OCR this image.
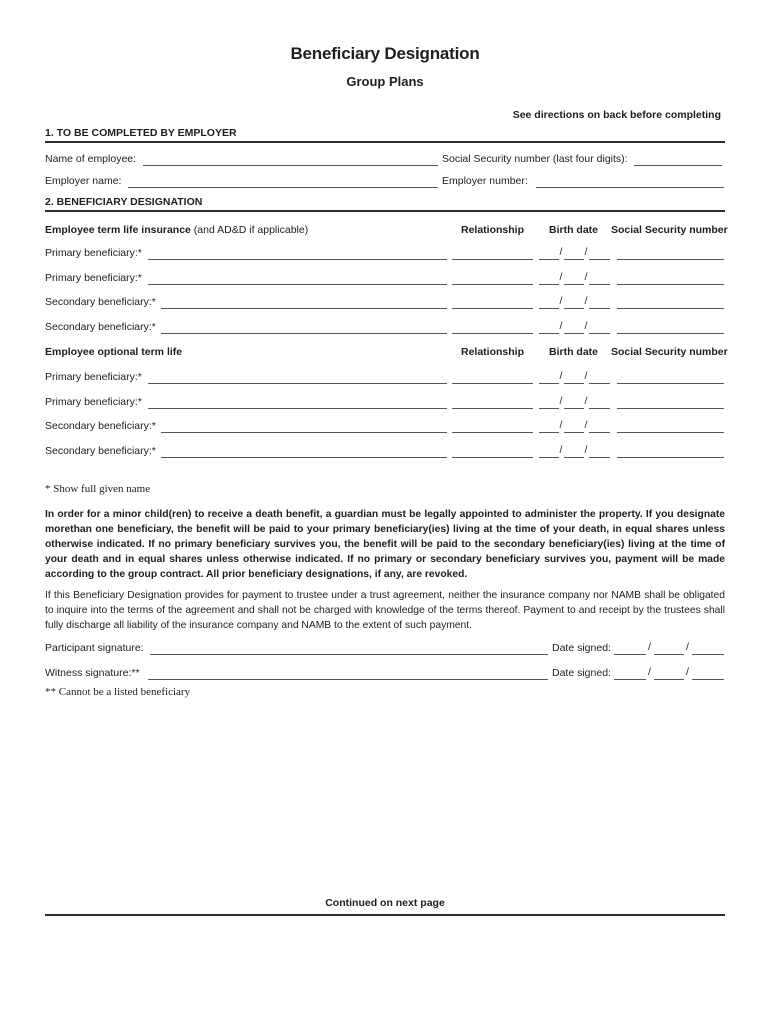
Beneficiary Designation
Group Plans
See directions on back before completing
1. TO BE COMPLETED BY EMPLOYER
Name of employee:	Social Security number (last four digits):
Employer name:	Employer number:
2. BENEFICIARY DESIGNATION
Employee term life insurance (and AD&D if applicable)	Relationship Birth date Social Security number
Primary beneficiary:*	/ /
Primary beneficiary:*	/ /
Secondary beneficiary:*	/ /
Secondary beneficiary:*	/ /
Employee optional term life	Relationship Birth date Social Security number
Primary beneficiary:*	/ /
Primary beneficiary:*	/ /
Secondary beneficiary:*	/ /
Secondary beneficiary:*	/ /
* Show full given name
In order for a minor child(ren) to receive a death benefit, a guardian must be legally appointed to administer the property. If you designate morethan one beneficiary, the benefit will be paid to your primary beneficiary(ies) living at the time of your death, in equal shares unless otherwise indicated. If no primary beneficiary survives you, the benefit will be paid to the secondary beneficiary(ies) living at the time of your death and in equal shares unless otherwise indicated. If no primary or secondary beneficiary survives you, payment will be made according to the group contract. All prior beneficiary designations, if any, are revoked.
If this Beneficiary Designation provides for payment to trustee under a trust agreement, neither the insurance company nor NAMB shall be obligated to inquire into the terms of the agreement and shall not be charged with knowledge of the terms thereof. Payment to and receipt by the trustees shall fully discharge all liability of the insurance company and NAMB to the extent of such payment.
Participant signature:	Date signed:	/	/
Witness signature:**	Date signed:	/	/
** Cannot be a listed beneficiary
Continued on next page
